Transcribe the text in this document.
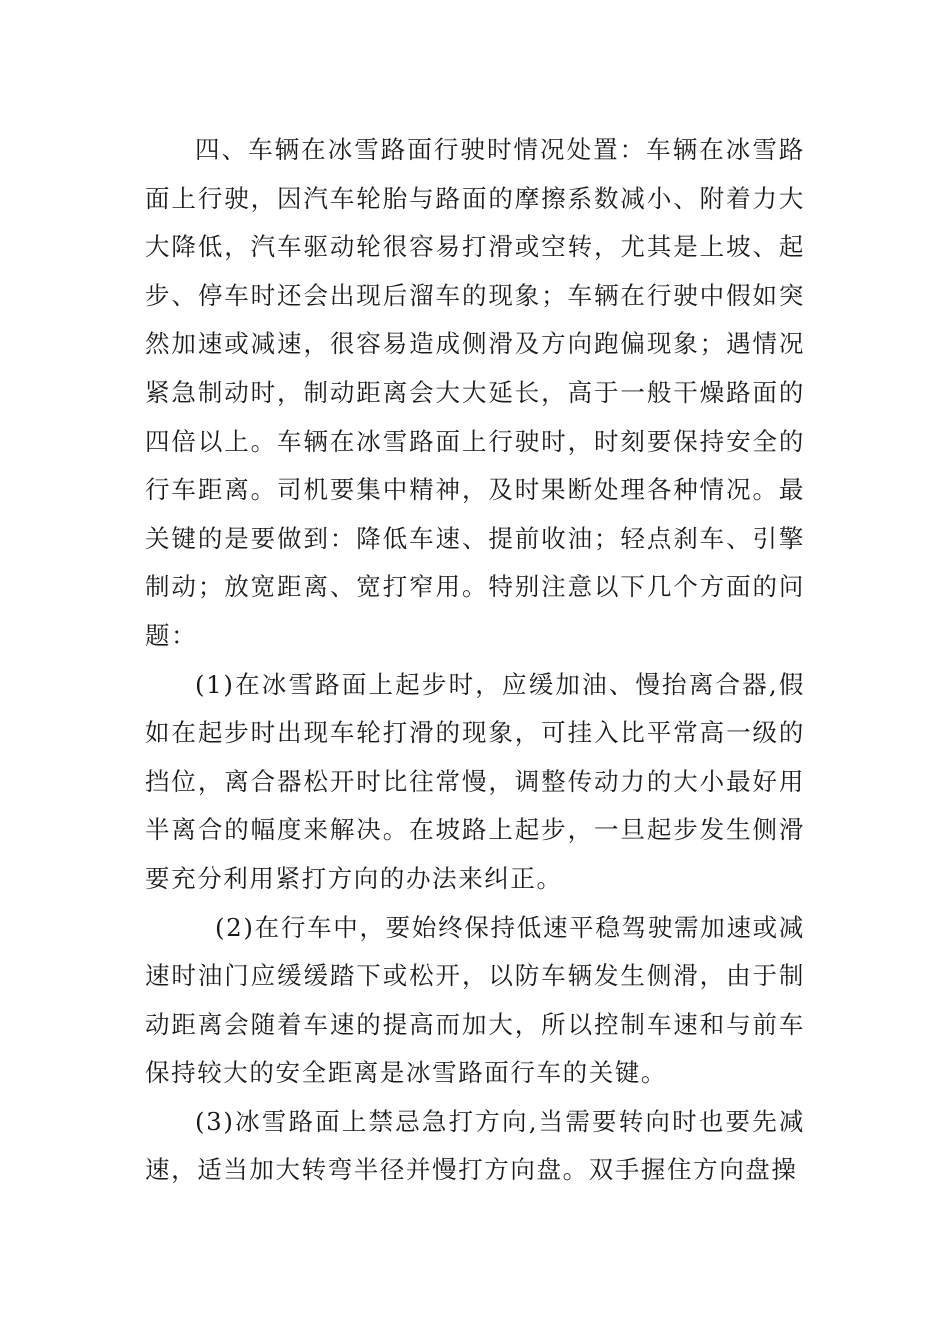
四、车辆在冰雪路面行驶时情况处置：车辆在冰雪路面上行驶，因汽车轮胎与路面的摩擦系数减小、附着力大大降低，汽车驱动轮很容易打滑或空转，尤其是上坡、起步、停车时还会出现后溜车的现象；车辆在行驶中假如突然加速或减速，很容易造成侧滑及方向跑偏现象；遇情况紧急制动时，制动距离会大大延长，高于一般干燥路面的四倍以上。车辆在冰雪路面上行驶时，时刻要保持安全的行车距离。司机要集中精神，及时果断处理各种情况。最关键的是要做到：降低车速、提前收油；轻点刹车、引擎制动；放宽距离、宽打窄用。特别注意以下几个方面的问题：

(1)在冰雪路面上起步时，应缓加油、慢抬离合器,假如在起步时出现车轮打滑的现象，可挂入比平常高一级的挡位，离合器松开时比往常慢，调整传动力的大小最好用半离合的幅度来解决。在坡路上起步，一旦起步发生侧滑要充分利用紧打方向的办法来纠正。

(2)在行车中，要始终保持低速平稳驾驶需加速或减速时油门应缓缓踏下或松开，以防车辆发生侧滑，由于制动距离会随着车速的提高而加大，所以控制车速和与前车保持较大的安全距离是冰雪路面行车的关键。

(3)冰雪路面上禁忌急打方向,当需要转向时也要先减速，适当加大转弯半径并慢打方向盘。双手握住方向盘操
